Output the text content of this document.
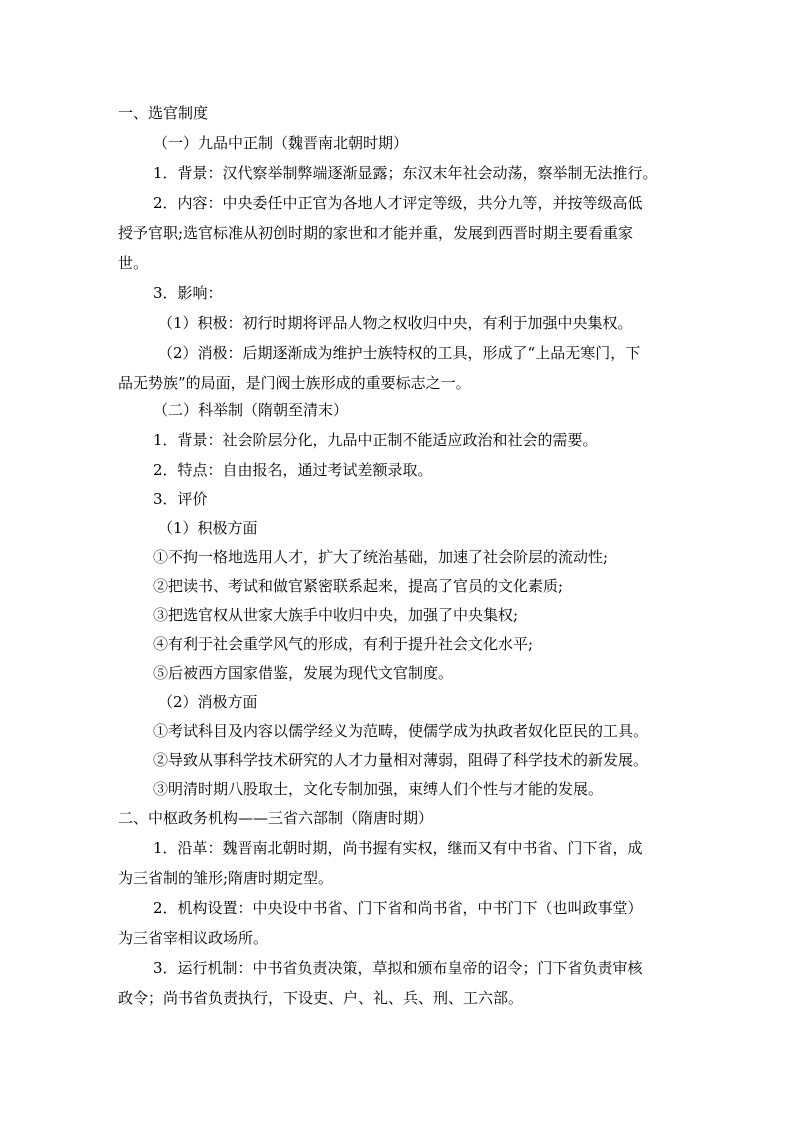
一、选官制度
（一）九品中正制（魏晋南北朝时期）
1．背景：汉代察举制弊端逐渐显露；东汉末年社会动荡，察举制无法推行。
2．内容：中央委任中正官为各地人才评定等级，共分九等，并按等级高低
授予官职;选官标准从初创时期的家世和才能并重，发展到西晋时期主要看重家
世。
3．影响：
（1）积极：初行时期将评品人物之权收归中央，有利于加强中央集权。
（2）消极：后期逐渐成为维护士族特权的工具，形成了“上品无寒门，下
品无势族”的局面，是门阀士族形成的重要标志之一。
（二）科举制（隋朝至清末）
1．背景：社会阶层分化，九品中正制不能适应政治和社会的需要。
2．特点：自由报名，通过考试差额录取。
3．评价
（1）积极方面
①不拘一格地选用人才，扩大了统治基础，加速了社会阶层的流动性;
②把读书、考试和做官紧密联系起来，提高了官员的文化素质;
③把选官权从世家大族手中收归中央，加强了中央集权;
④有利于社会重学风气的形成，有利于提升社会文化水平;
⑤后被西方国家借鉴，发展为现代文官制度。
（2）消极方面
①考试科目及内容以儒学经义为范畴，使儒学成为执政者奴化臣民的工具。
②导致从事科学技术研究的人才力量相对薄弱，阻碍了科学技术的新发展。
③明清时期八股取士，文化专制加强，束缚人们个性与才能的发展。
二、中枢政务机构——三省六部制（隋唐时期）
1．沿革：魏晋南北朝时期，尚书握有实权，继而又有中书省、门下省，成
为三省制的雏形;隋唐时期定型。
2．机构设置：中央设中书省、门下省和尚书省，中书门下（也叫政事堂）
为三省宰相议政场所。
3．运行机制：中书省负责决策，草拟和颁布皇帝的诏令；门下省负责审核
政令；尚书省负责执行，下设吏、户、礼、兵、刑、工六部。
